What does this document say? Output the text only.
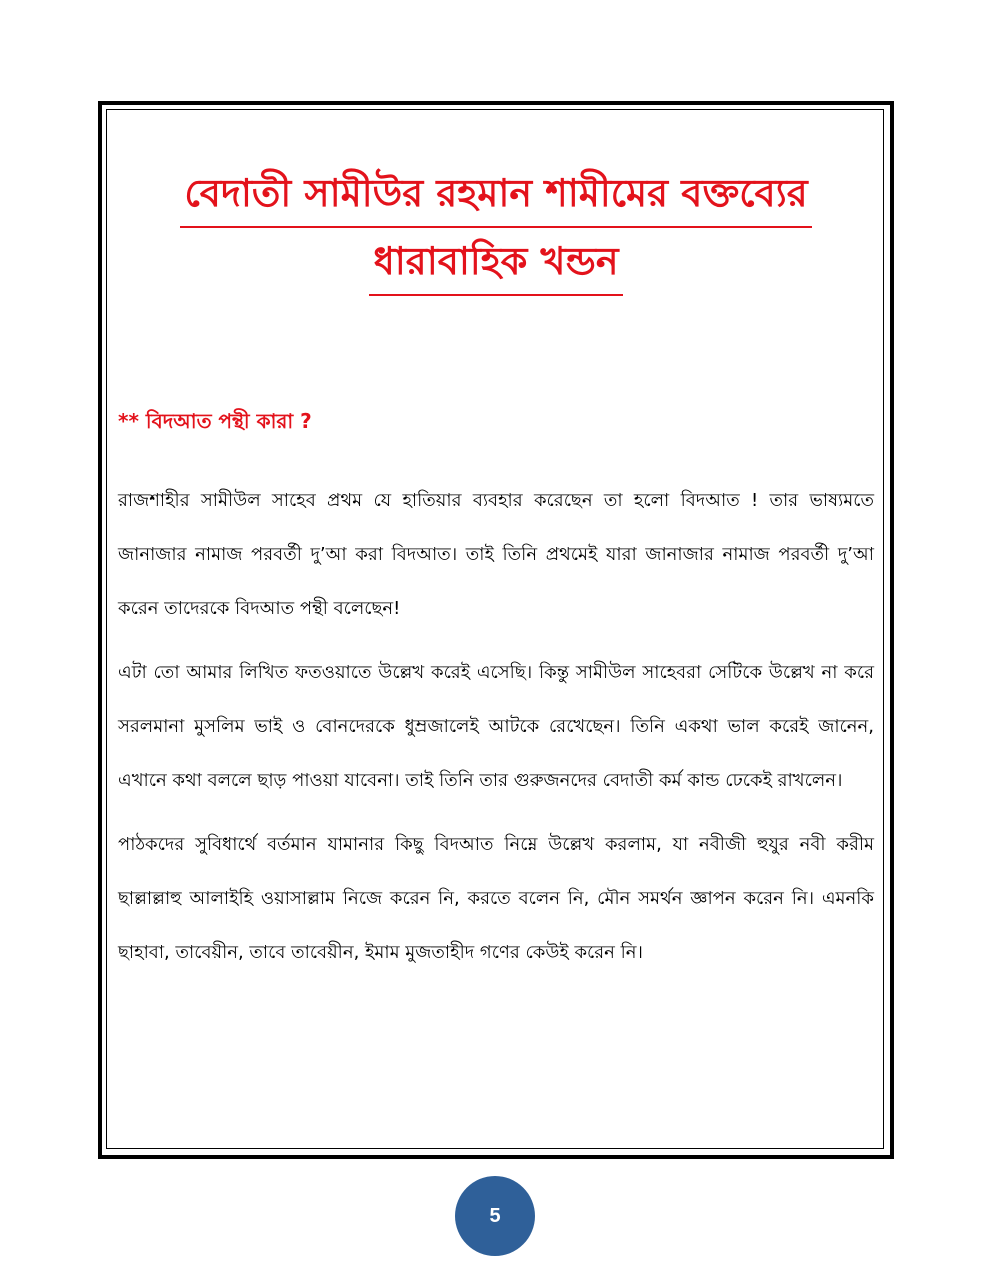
বেদাতী সামীউর রহমান শামীমের বক্তব্যের
ধারাবাহিক খন্ডন
** বিদআত পন্থী কারা ?

রাজশাহীর সামীউল সাহেব প্রথম যে হাতিয়ার ব্যবহার করেছেন তা হলো বিদআত ! তার ভাষ্যমতে জানাজার নামাজ পরবর্তী দু’আ করা বিদআত। তাই তিনি প্রথমেই যারা জানাজার নামাজ পরবর্তী দু’আ করেন তাদেরকে বিদআত পন্থী বলেছেন!

এটা তো আমার লিখিত ফতওয়াতে উল্লেখ করেই এসেছি। কিন্তু সামীউল সাহেবরা সেটিকে উল্লেখ না করে সরলমানা মুসলিম ভাই ও বোনদেরকে ধুম্রজালেই আটকে রেখেছেন। তিনি একথা ভাল করেই জানেন, এখানে কথা বললে ছাড় পাওয়া যাবেনা। তাই তিনি তার গুরুজনদের বেদাতী কর্ম কান্ড ঢেকেই রাখলেন।

পাঠকদের সুবিধার্থে বর্তমান যামানার কিছু বিদআত নিম্নে উল্লেখ করলাম, যা নবীজী হুযুর নবী করীম ছাল্লাল্লাহু আলাইহি ওয়াসাল্লাম নিজে করেন নি, করতে বলেন নি, মৌন সমর্থন জ্ঞাপন করেন নি। এমনকি ছাহাবা, তাবেয়ীন, তাবে তাবেয়ীন, ইমাম মুজতাহীদ গণের কেউই করেন নি।

5
